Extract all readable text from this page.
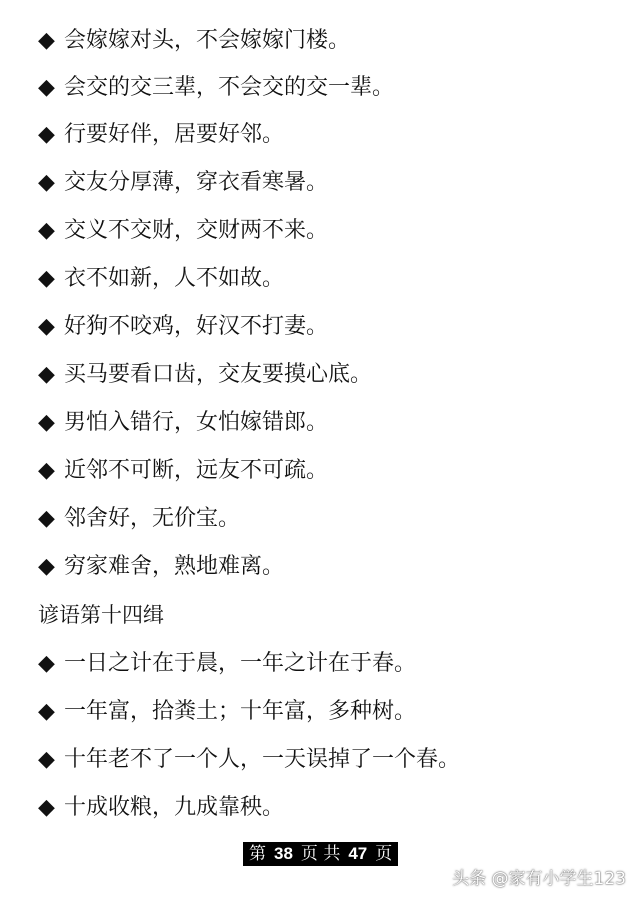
◆ 会嫁嫁对头，不会嫁嫁门楼。
◆ 会交的交三辈，不会交的交一辈。
◆ 行要好伴，居要好邻。
◆ 交友分厚薄，穿衣看寒暑。
◆ 交义不交财，交财两不来。
◆ 衣不如新，人不如故。
◆ 好狗不咬鸡，好汉不打妻。
◆ 买马要看口齿，交友要摸心底。
◆ 男怕入错行，女怕嫁错郎。
◆ 近邻不可断，远友不可疏。
◆ 邻舍好，无价宝。
◆ 穷家难舍，熟地难离。
谚语第十四缉
◆ 一日之计在于晨，一年之计在于春。
◆ 一年富，拾粪土；十年富，多种树。
◆ 十年老不了一个人，一天误掉了一个春。
◆ 十成收粮，九成靠秧。
第 38 页 共 47 页
头条 @家有小学生123
